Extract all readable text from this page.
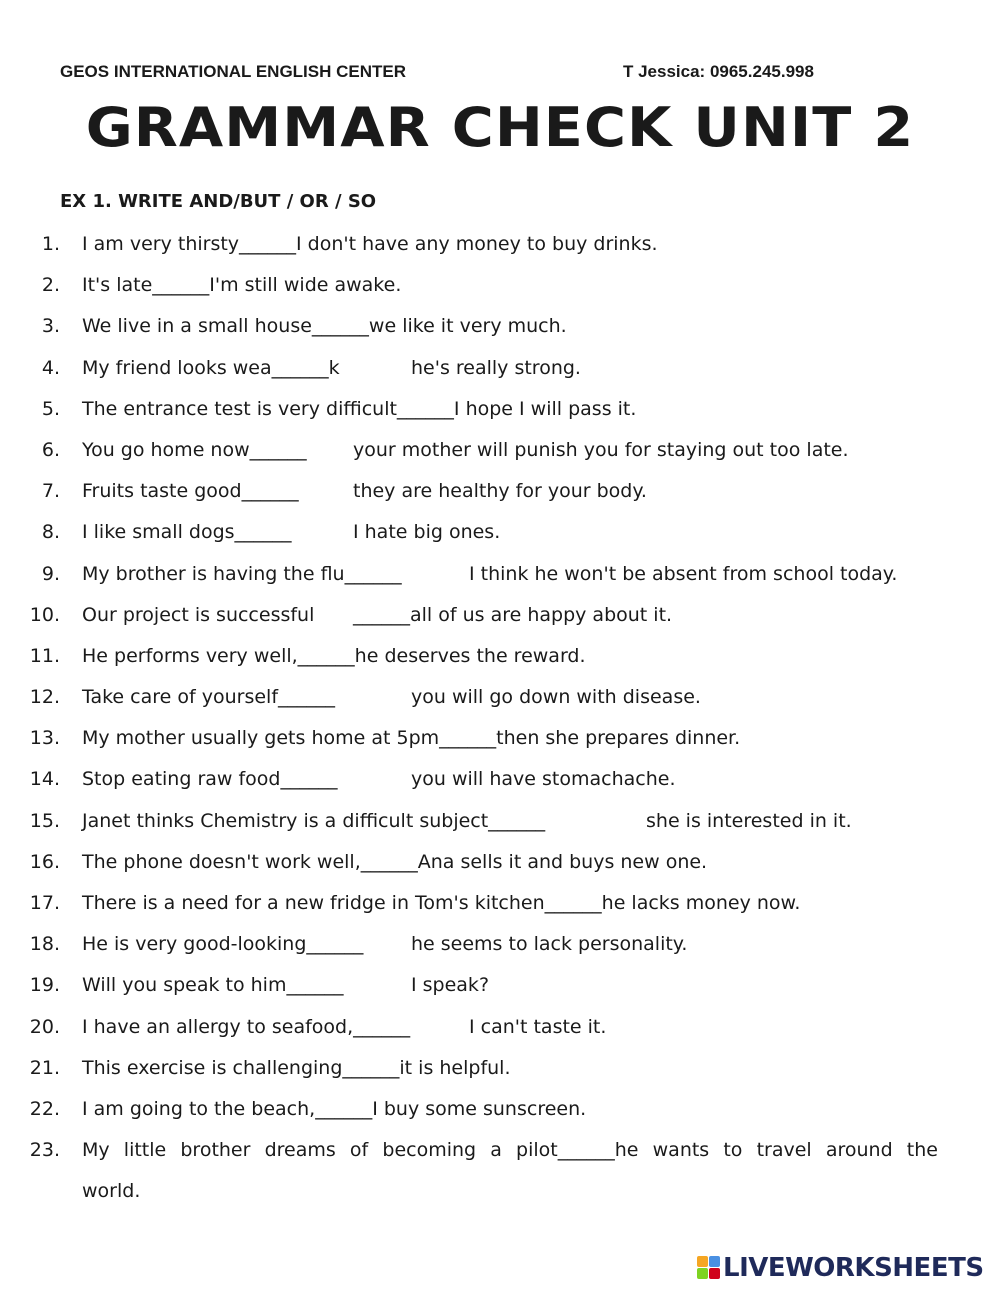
GEOS INTERNATIONAL ENGLISH CENTER	T Jessica: 0965.245.998
GRAMMAR CHECK UNIT 2
EX 1. WRITE AND/BUT / OR / SO
1. I am very thirsty______I don't have any money to buy drinks.
2. It's late______I'm still wide awake.
3. We live in a small house______we like it very much.
4. My friend looks wea______k	he's really strong.
5. The entrance test is very difficult______I hope I will pass it.
6. You go home now______ your mother will punish you for staying out too late.
7. Fruits taste good______	they are healthy for your body.
8. I like small dogs______	I hate big ones.
9. My brother is having the flu______	I think he won't be absent from school today.
10. Our project is successful ______all of us are happy about it.
11. He performs very well,______he deserves the reward.
12. Take care of yourself______	you will go down with disease.
13. My mother usually gets home at 5pm______then she prepares dinner.
14. Stop eating raw food______	you will have stomachache.
15. Janet thinks Chemistry is a difficult subject______	she is interested in it.
16. The phone doesn't work well,______Ana sells it and buys new one.
17. There is a need for a new fridge in Tom's kitchen______he lacks money now.
18. He is very good-looking______	he seems to lack personality.
19. Will you speak to him______	I speak?
20. I have an allergy to seafood,______	I can't taste it.
21. This exercise is challenging______it is helpful.
22. I am going to the beach,______I buy some sunscreen.
23. My little brother dreams of becoming a pilot______he wants to travel around the
world.
LIVEWORKSHEETS
